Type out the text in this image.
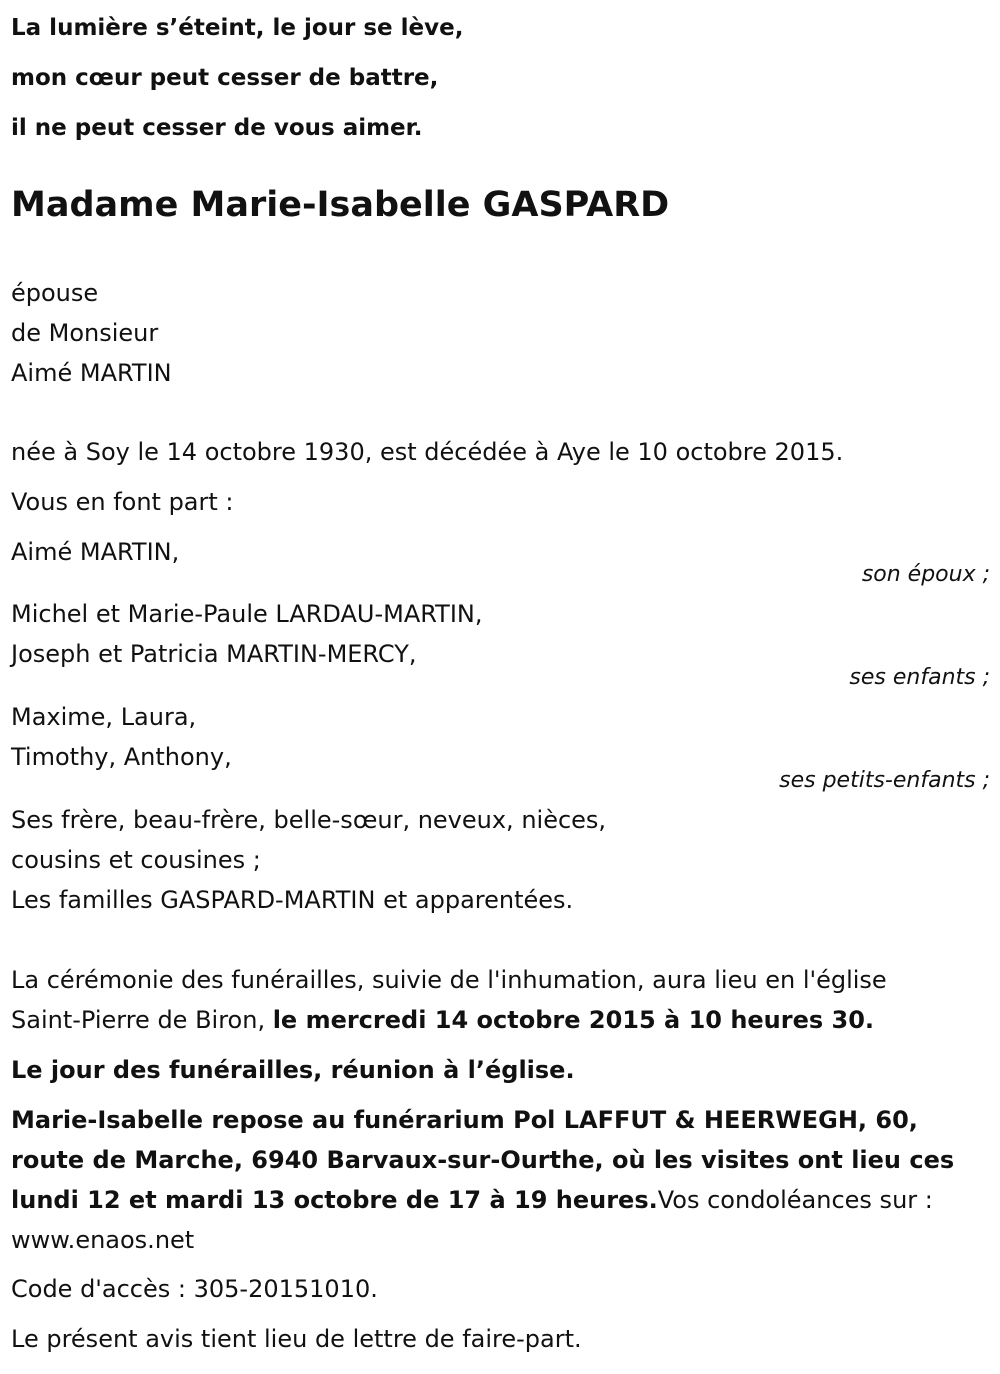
La lumière s’éteint, le jour se lève,
mon cœur peut cesser de battre,
il ne peut cesser de vous aimer.
Madame Marie-Isabelle GASPARD
épouse
de Monsieur
Aimé MARTIN
née à Soy le 14 octobre 1930, est décédée à Aye le 10 octobre 2015.
Vous en font part :
Aimé MARTIN,
son époux ;
Michel et Marie-Paule LARDAU-MARTIN,
Joseph et Patricia MARTIN-MERCY,
ses enfants ;
Maxime, Laura,
Timothy, Anthony,
ses petits-enfants ;
Ses frère, beau-frère, belle-sœur, neveux, nièces,
cousins et cousines ;
Les familles GASPARD-MARTIN et apparentées.
La cérémonie des funérailles, suivie de l'inhumation, aura lieu en l'église
Saint-Pierre de Biron, le mercredi 14 octobre 2015 à 10 heures 30.
Le jour des funérailles, réunion à l’église.
Marie-Isabelle repose au funérarium Pol LAFFUT & HEERWEGH, 60,
route de Marche, 6940 Barvaux-sur-Ourthe, où les visites ont lieu ces
lundi 12 et mardi 13 octobre de 17 à 19 heures.Vos condoléances sur :
www.enaos.net
Code d'accès : 305-20151010.
Le présent avis tient lieu de lettre de faire-part.
